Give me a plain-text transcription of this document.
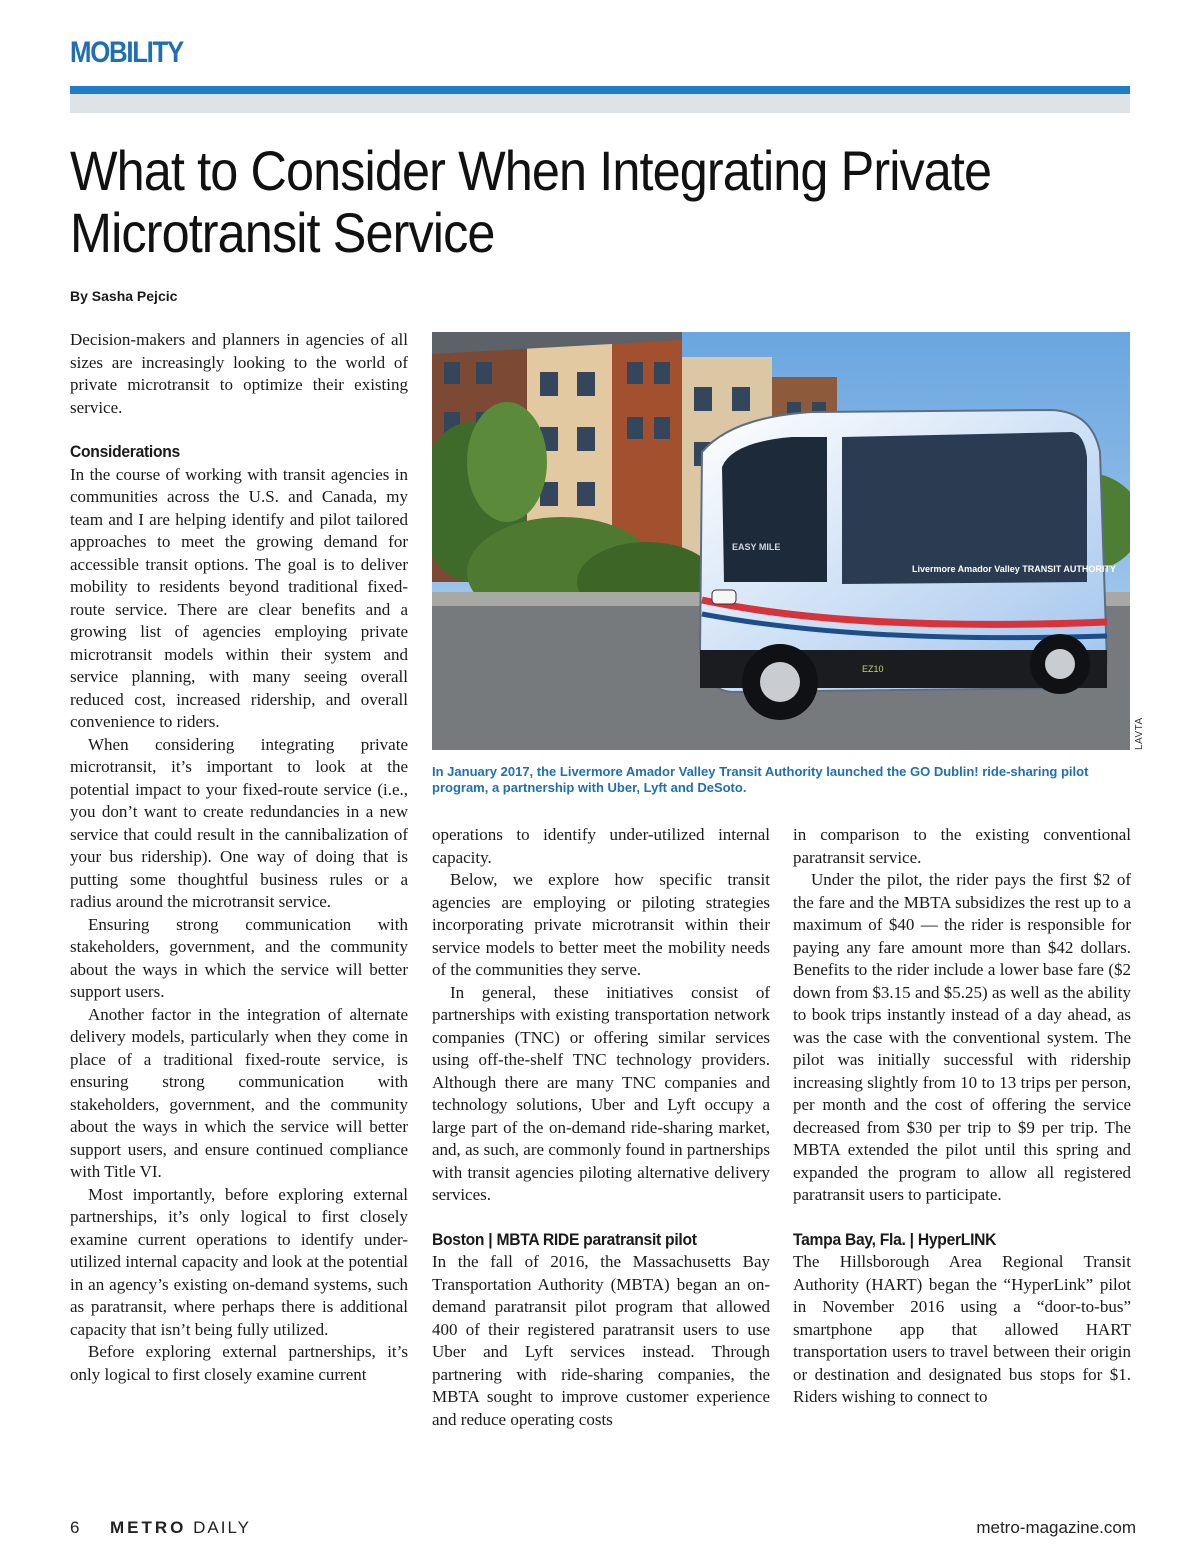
MOBILITY
What to Consider When Integrating Private Microtransit Service
By Sasha Pejcic

Decision-makers and planners in agencies of all sizes are increasingly looking to the world of private microtransit to optimize their existing service.

Considerations

In the course of working with transit agencies in communities across the U.S. and Canada, my team and I are helping identify and pilot tailored approaches to meet the growing demand for accessible transit options. The goal is to deliver mobility to residents beyond traditional fixed-route service. There are clear benefits and a growing list of agencies employing private microtransit models within their system and service planning, with many seeing overall reduced cost, increased ridership, and overall convenience to riders.

When considering integrating private microtransit, it’s important to look at the potential impact to your fixed-route service (i.e., you don’t want to create redundancies in a new service that could result in the cannibalization of your bus ridership). One way of doing that is putting some thoughtful business rules or a radius around the microtransit service.

Ensuring strong communication with stakeholders, government, and the community about the ways in which the service will better support users.

Another factor in the integration of alternate delivery models, particularly when they come in place of a traditional fixed-route service, is ensuring strong communication with stakeholders, government, and the community about the ways in which the service will better support users, and ensure continued compliance with Title VI.

Most importantly, before exploring external partnerships, it’s only logical to first closely examine current operations to identify under-utilized internal capacity and look at the potential in an agency’s existing on-demand systems, such as paratransit, where perhaps there is additional capacity that isn’t being fully utilized.

Before exploring external partnerships, it’s only logical to first closely examine current

EASY MILE
Livermore Amador Valley TRANSIT AUTHORITY
EZ10
LAVTA
In January 2017, the Livermore Amador Valley Transit Authority launched the GO Dublin! ride-sharing pilot program, a partnership with Uber, Lyft and DeSoto.

operations to identify under-utilized internal capacity.

Below, we explore how specific transit agencies are employing or piloting strategies incorporating private microtransit within their service models to better meet the mobility needs of the communities they serve.

In general, these initiatives consist of partnerships with existing transportation network companies (TNC) or offering similar services using off-the-shelf TNC technology providers. Although there are many TNC companies and technology solutions, Uber and Lyft occupy a large part of the on-demand ride-sharing market, and, as such, are commonly found in partnerships with transit agencies piloting alternative delivery services.

Boston | MBTA RIDE paratransit pilot

In the fall of 2016, the Massachusetts Bay Transportation Authority (MBTA) began an on-demand paratransit pilot program that allowed 400 of their registered paratransit users to use Uber and Lyft services instead. Through partnering with ride-sharing companies, the MBTA sought to improve customer experience and reduce operating costs

in comparison to the existing conventional paratransit service.

Under the pilot, the rider pays the first $2 of the fare and the MBTA subsidizes the rest up to a maximum of $40 — the rider is responsible for paying any fare amount more than $42 dollars. Benefits to the rider include a lower base fare ($2 down from $3.15 and $5.25) as well as the ability to book trips instantly instead of a day ahead, as was the case with the conventional system. The pilot was initially successful with ridership increasing slightly from 10 to 13 trips per person, per month and the cost of offering the service decreased from $30 per trip to $9 per trip. The MBTA extended the pilot until this spring and expanded the program to allow all registered paratransit users to participate.

Tampa Bay, Fla. | HyperLINK

The Hillsborough Area Regional Transit Authority (HART) began the “HyperLink” pilot in November 2016 using a “door-to-bus” smartphone app that allowed HART transportation users to travel between their origin or destination and designated bus stops for $1. Riders wishing to connect to

6 METRO DAILY	metro-magazine.com
